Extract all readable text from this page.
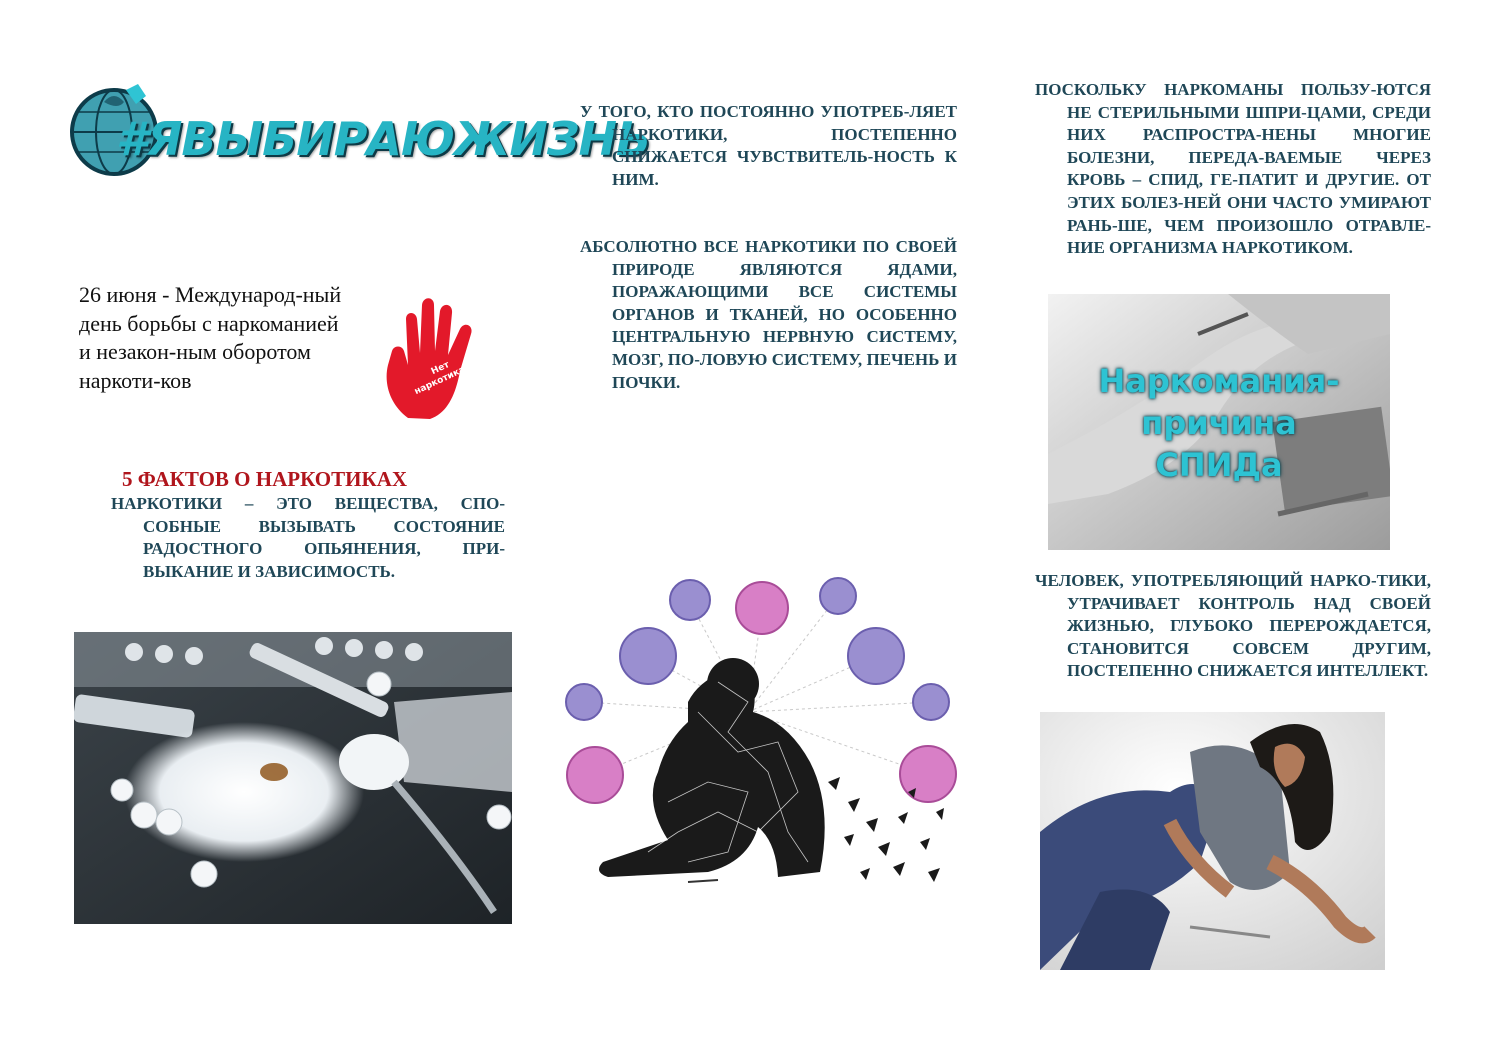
#ЯВЫБИРАЮЖИЗНЬ
26 июня - Международ-ный день борьбы с наркоманией и незакон-ным оборотом наркоти-ков	Нет наркотикам!
5 ФАКТОВ О НАРКОТИКАХ

НАРКОТИКИ – ЭТО ВЕЩЕСТВА, СПО-СОБНЫЕ ВЫЗЫВАТЬ СОСТОЯНИЕ РАДОСТНОГО ОПЬЯНЕНИЯ, ПРИ-ВЫКАНИЕ И ЗАВИСИМОСТЬ.

У ТОГО, КТО ПОСТОЯННО УПОТРЕБ-ЛЯЕТ НАРКОТИКИ, ПОСТЕПЕННО СНИЖАЕТСЯ ЧУВСТВИТЕЛЬ-НОСТЬ К НИМ.

АБСОЛЮТНО ВСЕ НАРКОТИКИ ПО СВОЕЙ ПРИРОДЕ ЯВЛЯЮТСЯ ЯДАМИ, ПОРАЖАЮЩИМИ ВСЕ СИСТЕМЫ ОРГАНОВ И ТКАНЕЙ, НО ОСОБЕННО ЦЕНТРАЛЬНУЮ НЕРВНУЮ СИСТЕМУ, МОЗГ, ПО-ЛОВУЮ СИСТЕМУ, ПЕЧЕНЬ И ПОЧКИ.

ПОСКОЛЬКУ НАРКОМАНЫ ПОЛЬЗУ-ЮТСЯ НЕ СТЕРИЛЬНЫМИ ШПРИ-ЦАМИ, СРЕДИ НИХ РАСПРОСТРА-НЕНЫ МНОГИЕ БОЛЕЗНИ, ПЕРЕДА-ВАЕМЫЕ ЧЕРЕЗ КРОВЬ – СПИД, ГЕ-ПАТИТ И ДРУГИЕ. ОТ ЭТИХ БОЛЕЗ-НЕЙ ОНИ ЧАСТО УМИРАЮТ РАНЬ-ШЕ, ЧЕМ ПРОИЗОШЛО ОТРАВЛЕ-НИЕ ОРГАНИЗМА НАРКОТИКОМ.

Наркомания-
причина
СПИДа

ЧЕЛОВЕК, УПОТРЕБЛЯЮЩИЙ НАРКО-ТИКИ, УТРАЧИВАЕТ КОНТРОЛЬ НАД СВОЕЙ ЖИЗНЬЮ, ГЛУБОКО ПЕРЕРОЖДАЕТСЯ, СТАНОВИТСЯ СОВСЕМ ДРУГИМ, ПОСТЕПЕННО СНИЖАЕТСЯ ИНТЕЛЛЕКТ.
